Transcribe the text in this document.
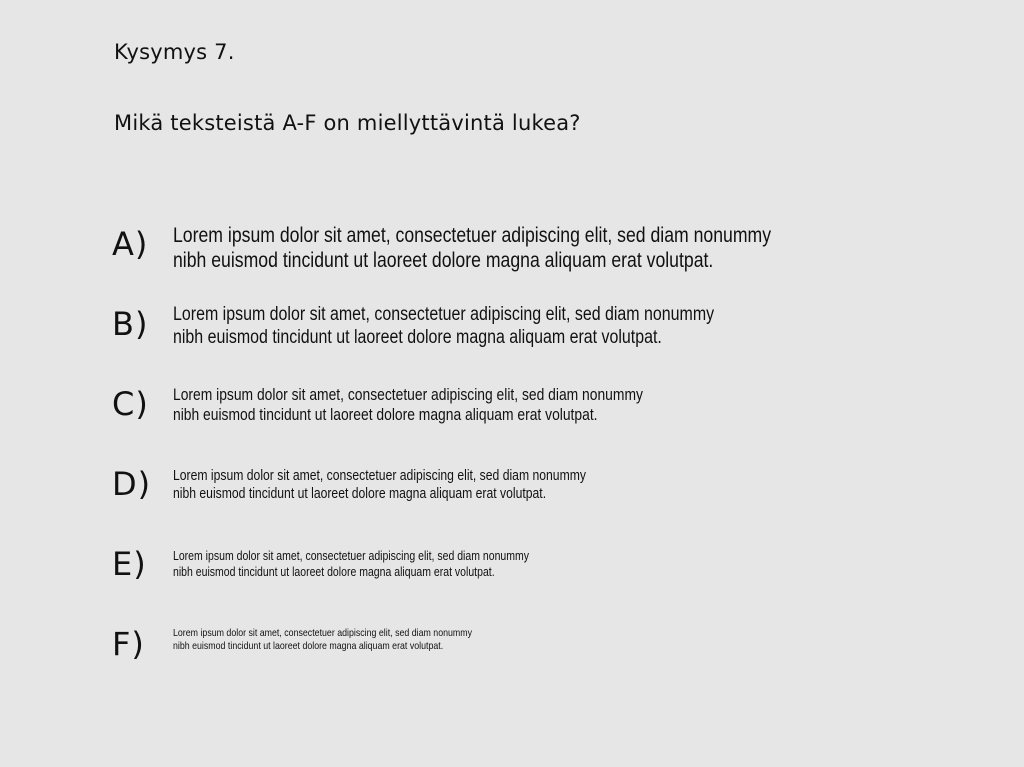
Kysymys 7.
Mikä teksteistä A-F on miellyttävintä lukea?
A) Lorem ipsum dolor sit amet, consectetuer adipiscing elit, sed diam nonummy
nibh euismod tincidunt ut laoreet dolore magna aliquam erat volutpat.
B) Lorem ipsum dolor sit amet, consectetuer adipiscing elit, sed diam nonummy
nibh euismod tincidunt ut laoreet dolore magna aliquam erat volutpat.
C) Lorem ipsum dolor sit amet, consectetuer adipiscing elit, sed diam nonummy
nibh euismod tincidunt ut laoreet dolore magna aliquam erat volutpat.
D) Lorem ipsum dolor sit amet, consectetuer adipiscing elit, sed diam nonummy
nibh euismod tincidunt ut laoreet dolore magna aliquam erat volutpat.
E) Lorem ipsum dolor sit amet, consectetuer adipiscing elit, sed diam nonummy
nibh euismod tincidunt ut laoreet dolore magna aliquam erat volutpat.
F)	Lorem ipsum dolor sit amet, consectetuer adipiscing elit, sed diam nonummy
nibh euismod tincidunt ut laoreet dolore magna aliquam erat volutpat.
